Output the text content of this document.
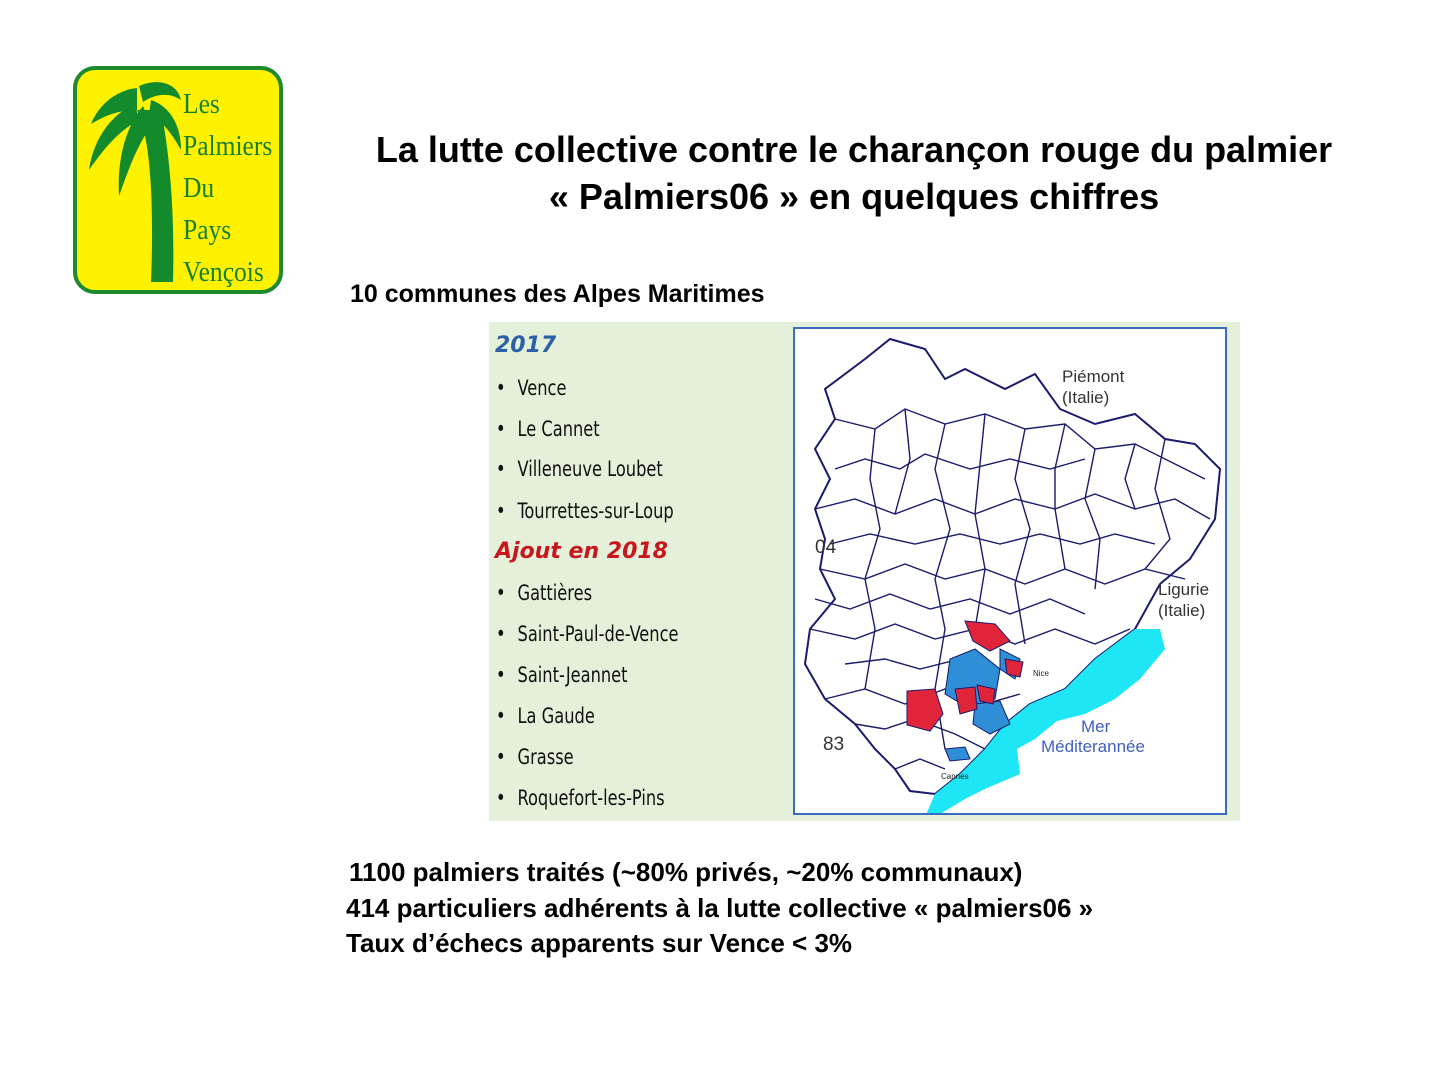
Les
Palmiers
Du
Pays
Vençois
La lutte collective contre le charançon rouge du palmier
« Palmiers06 » en quelques chiffres
10 communes des Alpes Maritimes
2017
• Vence
• Le Cannet
• Villeneuve Loubet
• Tourrettes-sur-Loup
Ajout en 2018
• Gattières
• Saint-Paul-de-Vence
• Saint-Jeannet
• La Gaude
• Grasse
• Roquefort-les-Pins
Piémont
(Italie)
Ligurie
(Italie)
04
83
Mer
Méditerannée
Nice
Cannes
1100 palmiers traités (~80% privés, ~20% communaux)
414 particuliers adhérents à la lutte collective « palmiers06 »
Taux d’échecs apparents sur Vence < 3%
